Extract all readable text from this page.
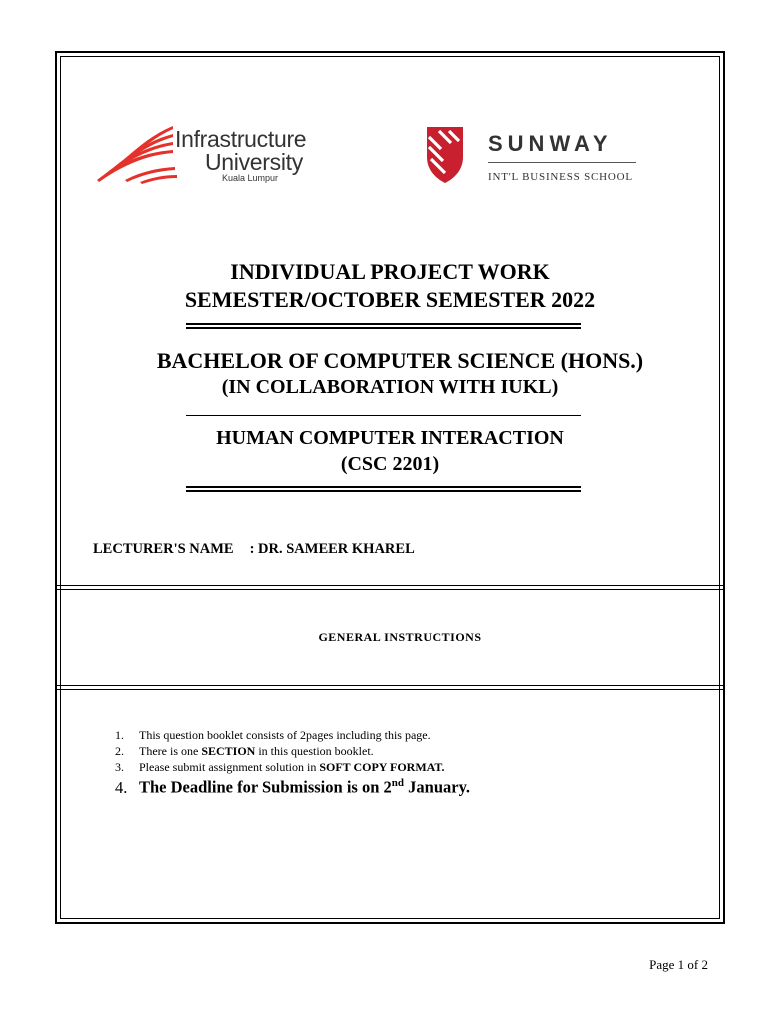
Infrastructure
University
Kuala Lumpur
SUNWAY
INT'L BUSINESS SCHOOL
INDIVIDUAL PROJECT WORK
SEMESTER/OCTOBER SEMESTER 2022
BACHELOR OF COMPUTER SCIENCE (HONS.)
(IN COLLABORATION WITH IUKL)
HUMAN COMPUTER INTERACTION
(CSC 2201)
LECTURER'S NAME : DR. SAMEER KHAREL
GENERAL INSTRUCTIONS
1. This question booklet consists of 2pages including this page.
2. There is one SECTION in this question booklet.
3. Please submit assignment solution in SOFT COPY FORMAT.
4. The Deadline for Submission is on 2nd January.
Page 1 of 2
